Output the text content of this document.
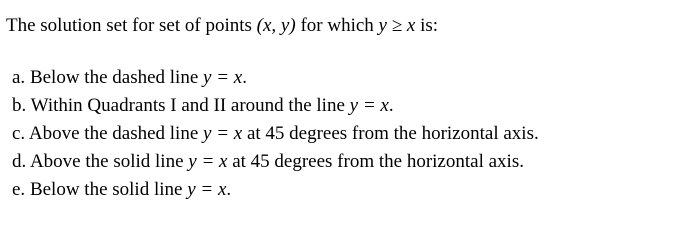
The solution set for set of points (x, y) for which y ≥ x is:
a. Below the dashed line y = x.
b. Within Quadrants I and II around the line y = x.
c. Above the dashed line y = x at 45 degrees from the horizontal axis.
d. Above the solid line y = x at 45 degrees from the horizontal axis.
e. Below the solid line y = x.
